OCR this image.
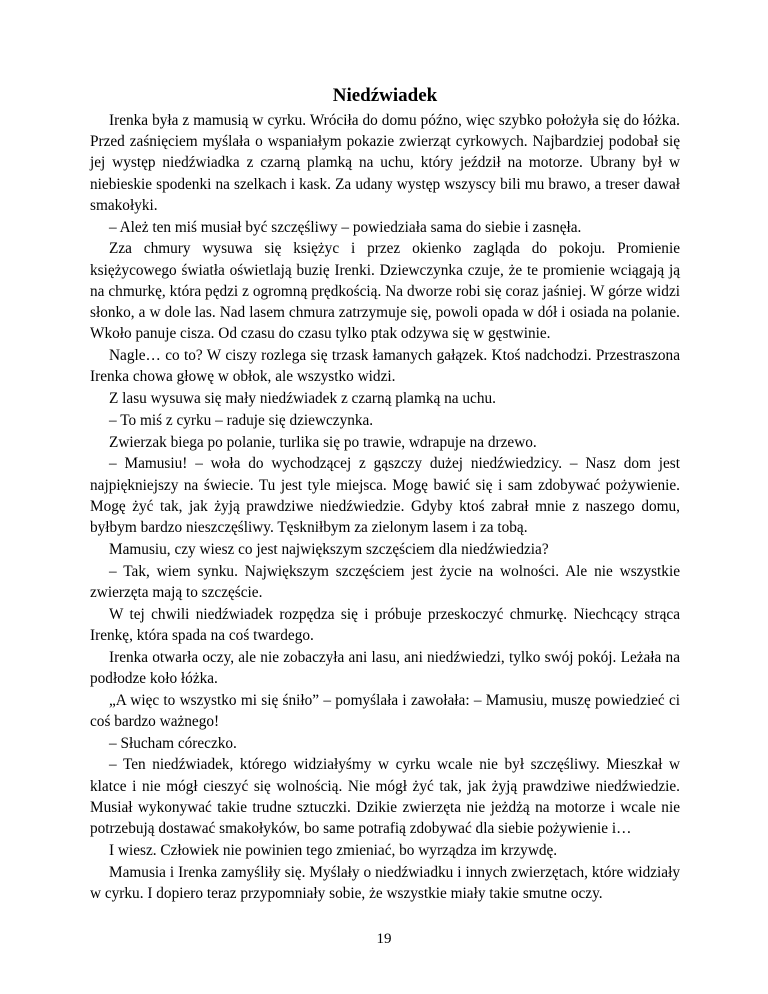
Niedźwiadek

Irenka była z mamusią w cyrku. Wróciła do domu późno, więc szybko położyła się do łóżka. Przed zaśnięciem myślała o wspaniałym pokazie zwierząt cyrkowych. Najbardziej podobał się jej występ niedźwiadka z czarną plamką na uchu, który jeździł na motorze. Ubrany był w niebieskie spodenki na szelkach i kask. Za udany występ wszyscy bili mu brawo, a treser dawał smakołyki.

– Ależ ten miś musiał być szczęśliwy – powiedziała sama do siebie i zasnęła.

Zza chmury wysuwa się księżyc i przez okienko zagląda do pokoju. Promienie księżycowego światła oświetlają buzię Irenki. Dziewczynka czuje, że te promienie wciągają ją na chmurkę, która pędzi z ogromną prędkością. Na dworze robi się coraz jaśniej. W górze widzi słonko, a w dole las. Nad lasem chmura zatrzymuje się, powoli opada w dół i osiada na polanie. Wkoło panuje cisza. Od czasu do czasu tylko ptak odzywa się w gęstwinie.

Nagle… co to? W ciszy rozlega się trzask łamanych gałązek. Ktoś nadchodzi. Przestraszona Irenka chowa głowę w obłok, ale wszystko widzi.

Z lasu wysuwa się mały niedźwiadek z czarną plamką na uchu.

– To miś z cyrku – raduje się dziewczynka.

Zwierzak biega po polanie, turlika się po trawie, wdrapuje na drzewo.

– Mamusiu! – woła do wychodzącej z gąszczy dużej niedźwiedzicy. – Nasz dom jest najpiękniejszy na świecie. Tu jest tyle miejsca. Mogę bawić się i sam zdobywać pożywienie. Mogę żyć tak, jak żyją prawdziwe niedźwiedzie. Gdyby ktoś zabrał mnie z naszego domu, byłbym bardzo nieszczęśliwy. Tęskniłbym za zielonym lasem i za tobą.

Mamusiu, czy wiesz co jest największym szczęściem dla niedźwiedzia?

– Tak, wiem synku. Największym szczęściem jest życie na wolności. Ale nie wszystkie zwierzęta mają to szczęście.

W tej chwili niedźwiadek rozpędza się i próbuje przeskoczyć chmurkę. Niechcący strąca Irenkę, która spada na coś twardego.

Irenka otwarła oczy, ale nie zobaczyła ani lasu, ani niedźwiedzi, tylko swój pokój. Leżała na podłodze koło łóżka.

„A więc to wszystko mi się śniło” – pomyślała i zawołała: – Mamusiu, muszę powiedzieć ci coś bardzo ważnego!

– Słucham córeczko.

– Ten niedźwiadek, którego widziałyśmy w cyrku wcale nie był szczęśliwy. Mieszkał w klatce i nie mógł cieszyć się wolnością. Nie mógł żyć tak, jak żyją prawdziwe niedźwiedzie. Musiał wykonywać takie trudne sztuczki. Dzikie zwierzęta nie jeżdżą na motorze i wcale nie potrzebują dostawać smakołyków, bo same potrafią zdobywać dla siebie pożywienie i…

I wiesz. Człowiek nie powinien tego zmieniać, bo wyrządza im krzywdę.

Mamusia i Irenka zamyśliły się. Myślały o niedźwiadku i innych zwierzętach, które widziały w cyrku. I dopiero teraz przypomniały sobie, że wszystkie miały takie smutne oczy.

19
